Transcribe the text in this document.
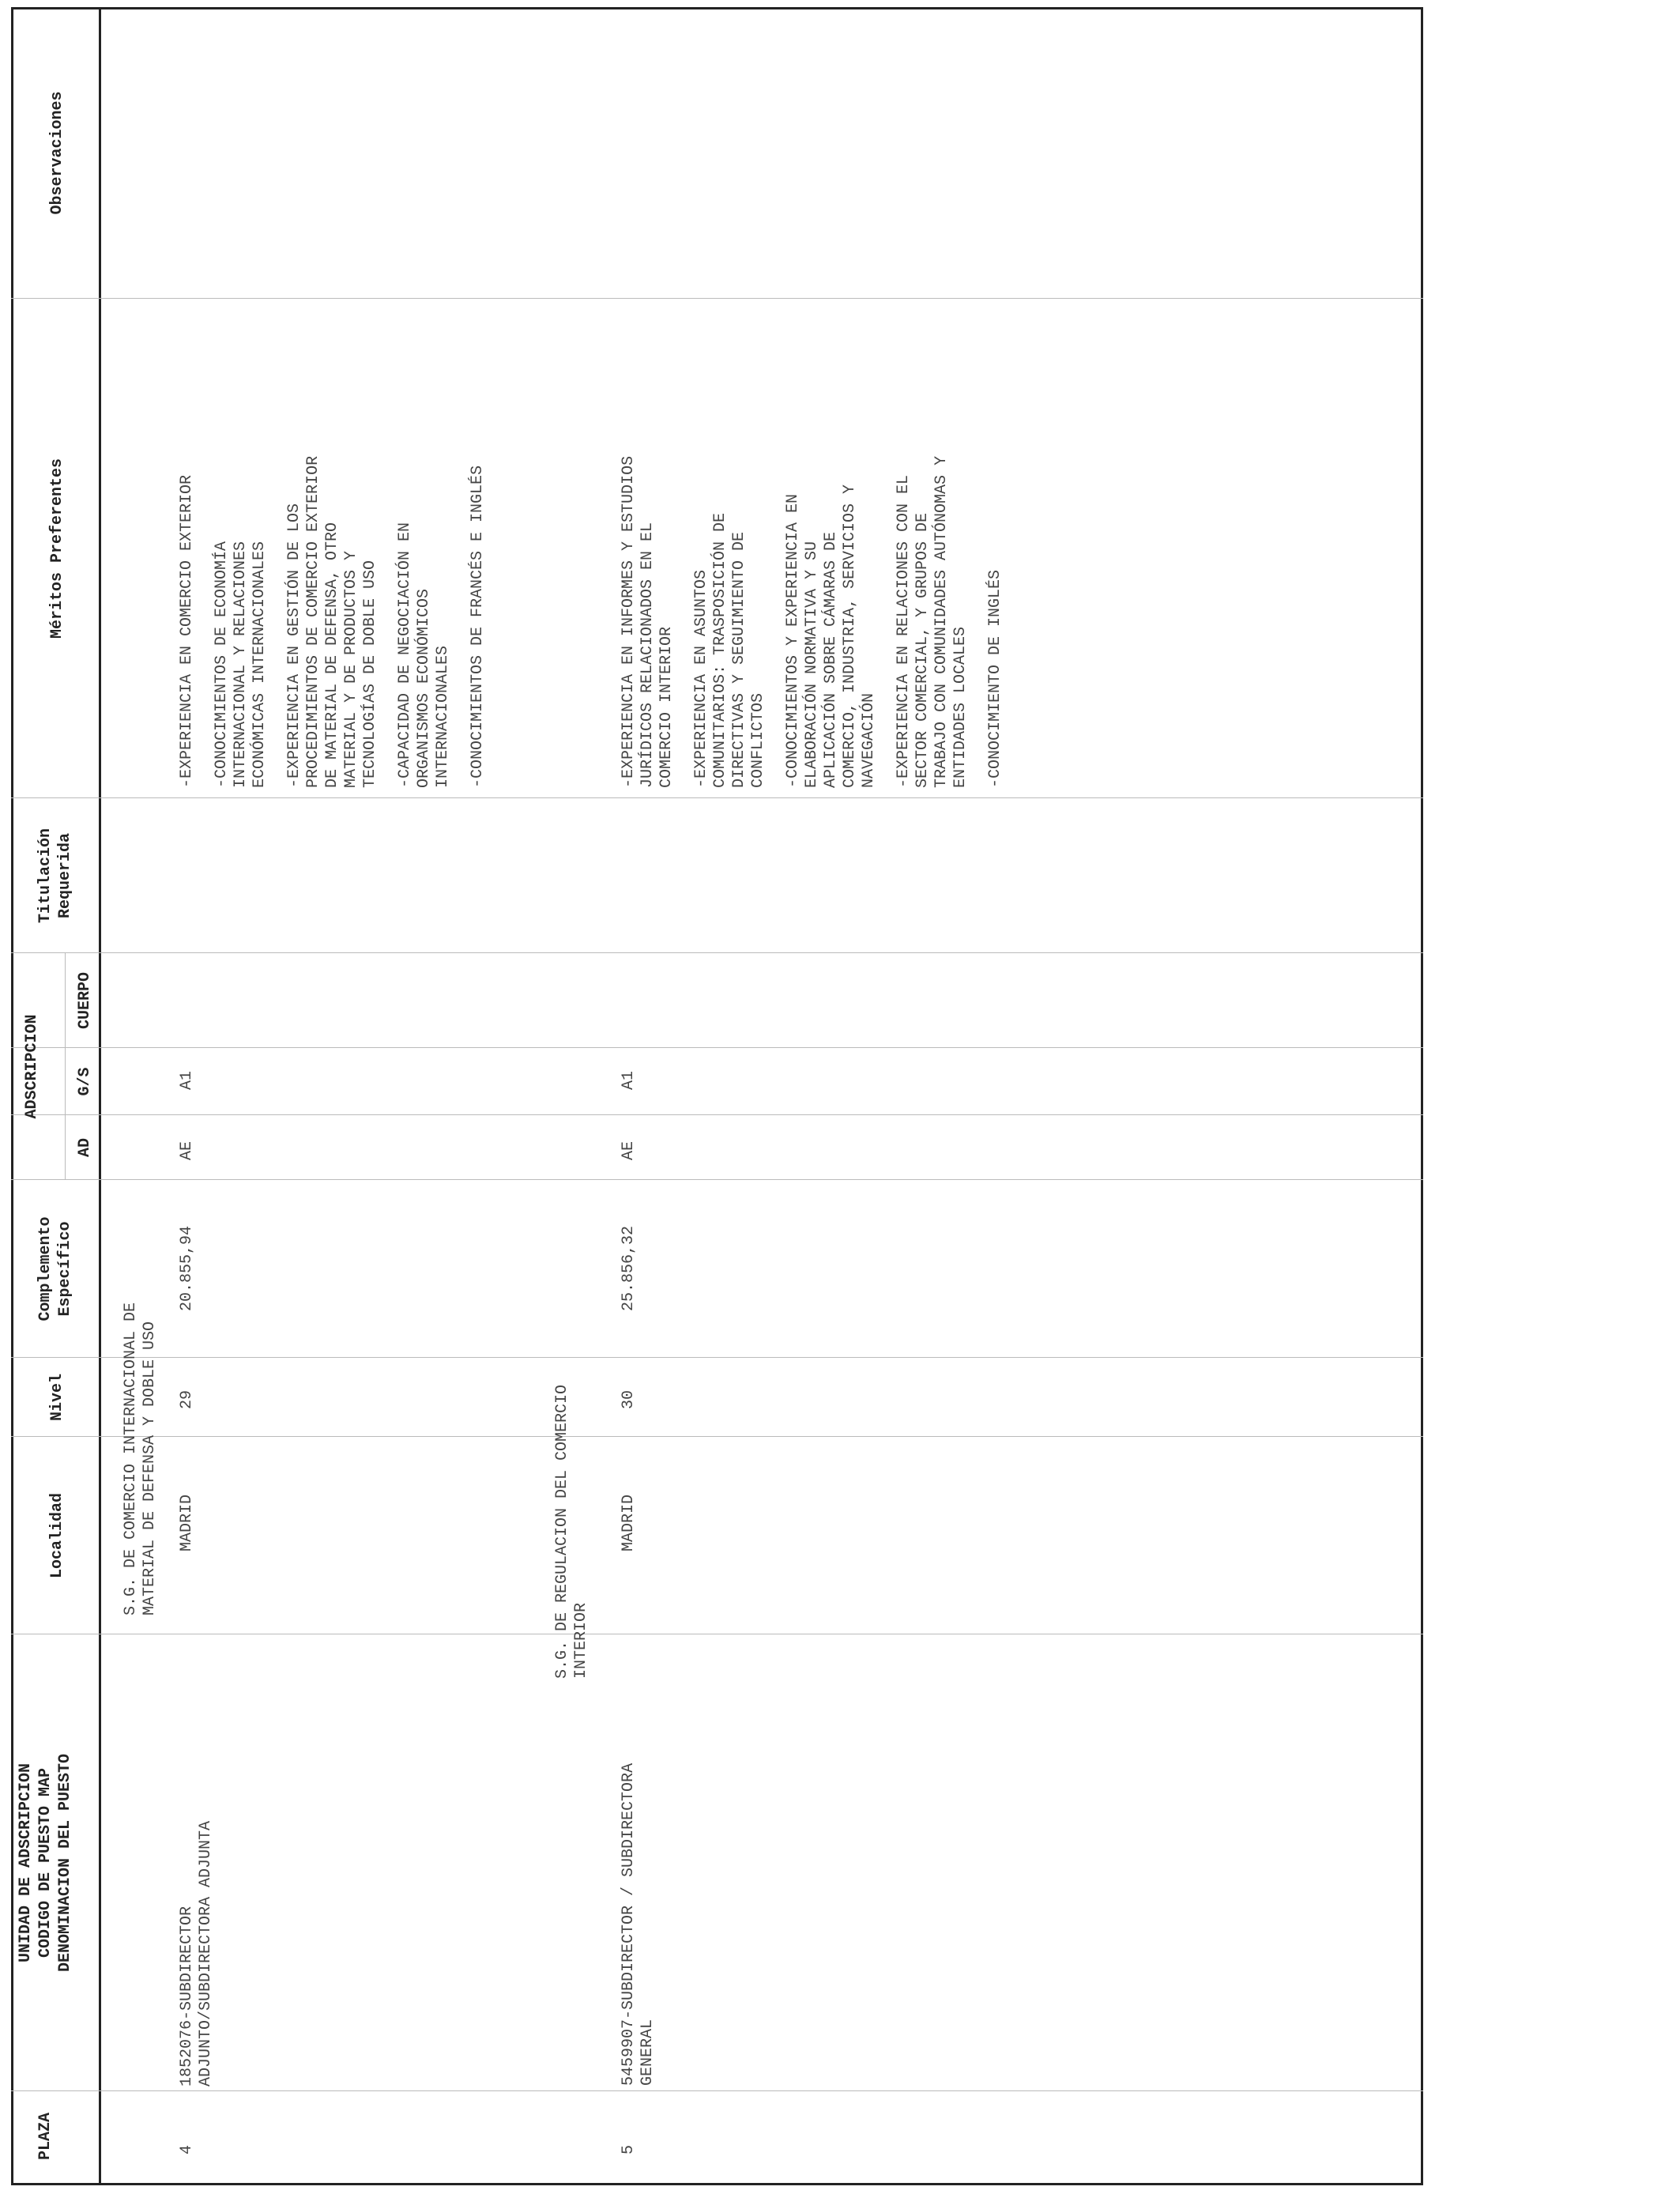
PLAZA
UNIDAD DE ADSCRIPCION CODIGO DE PUESTO MAP DENOMINACION DEL PUESTO
Localidad
Nivel
Complemento Específico
ADSCRIPCION
AD
G/S
CUERPO
Titulación Requerida
Méritos Preferentes
Observaciones
S.G. DE COMERCIO INTERNACIONAL DE
MATERIAL DE DEFENSA Y DOBLE USO
4
1852076-SUBDIRECTOR
ADJUNTO/SUBDIRECTORA ADJUNTA
MADRID
29
20.855,94
AE
A1
-EXPERIENCIA EN COMERCIO EXTERIOR -CONOCIMIENTOS DE ECONOMÍA
INTERNACIONAL Y RELACIONES
ECONÓMICAS INTERNACIONALES
-EXPERIENCIA EN GESTIÓN DE LOS
PROCEDIMIENTOS DE COMERCIO EXTERIOR
DE MATERIAL DE DEFENSA, OTRO
MATERIAL Y DE PRODUCTOS Y
TECNOLOGÍAS DE DOBLE USO
-CAPACIDAD DE NEGOCIACIÓN EN
ORGANISMOS ECONÓMICOS
INTERNACIONALES -CONOCIMIENTOS DE FRANCÉS E INGLÉS
S.G. DE REGULACION DEL COMERCIO
INTERIOR
5
5459907-SUBDIRECTOR / SUBDIRECTORA
GENERAL
MADRID
30
25.856,32
AE
A1
-EXPERIENCIA EN INFORMES Y ESTUDIOS
JURÍDICOS RELACIONADOS EN EL
COMERCIO INTERIOR
-EXPERIENCIA EN ASUNTOS
COMUNITARIOS: TRASPOSICIÓN DE
DIRECTIVAS Y SEGUIMIENTO DE
CONFLICTOS -CONOCIMIENTOS Y EXPERIENCIA EN
ELABORACIÓN NORMATIVA Y SU
APLICACIÓN SOBRE CÁMARAS DE
COMERCIO, INDUSTRIA, SERVICIOS Y
NAVEGACIÓN -EXPERIENCIA EN RELACIONES CON EL
SECTOR COMERCIAL, Y GRUPOS DE
TRABAJO CON COMUNIDADES AUTÓNOMAS Y
ENTIDADES LOCALES -CONOCIMIENTO DE INGLÉS
